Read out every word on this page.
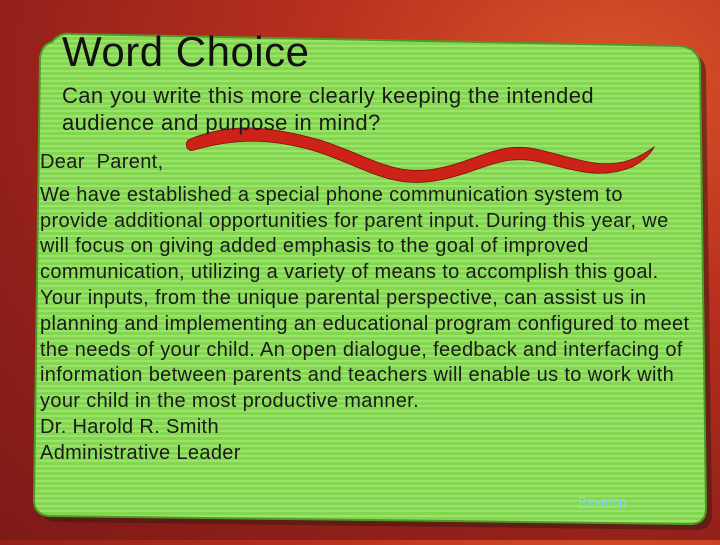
Word Choice
Can you write this more clearly keeping the intended audience and purpose in mind?

Dear  Parent,

We have established a special phone communication system to provide additional opportunities for parent input. During this year, we will focus on giving added emphasis to the goal of improved communication, utilizing a variety of means to accomplish this goal. Your inputs, from the unique parental perspective, can assist us in planning and implementing an educational program configured to meet the needs of your child. An open dialogue, feedback and interfacing of information between parents and teachers will enable us to work with your child in the most productive manner.

Dr. Harold R. Smith

Administrative Leader

Revamp
